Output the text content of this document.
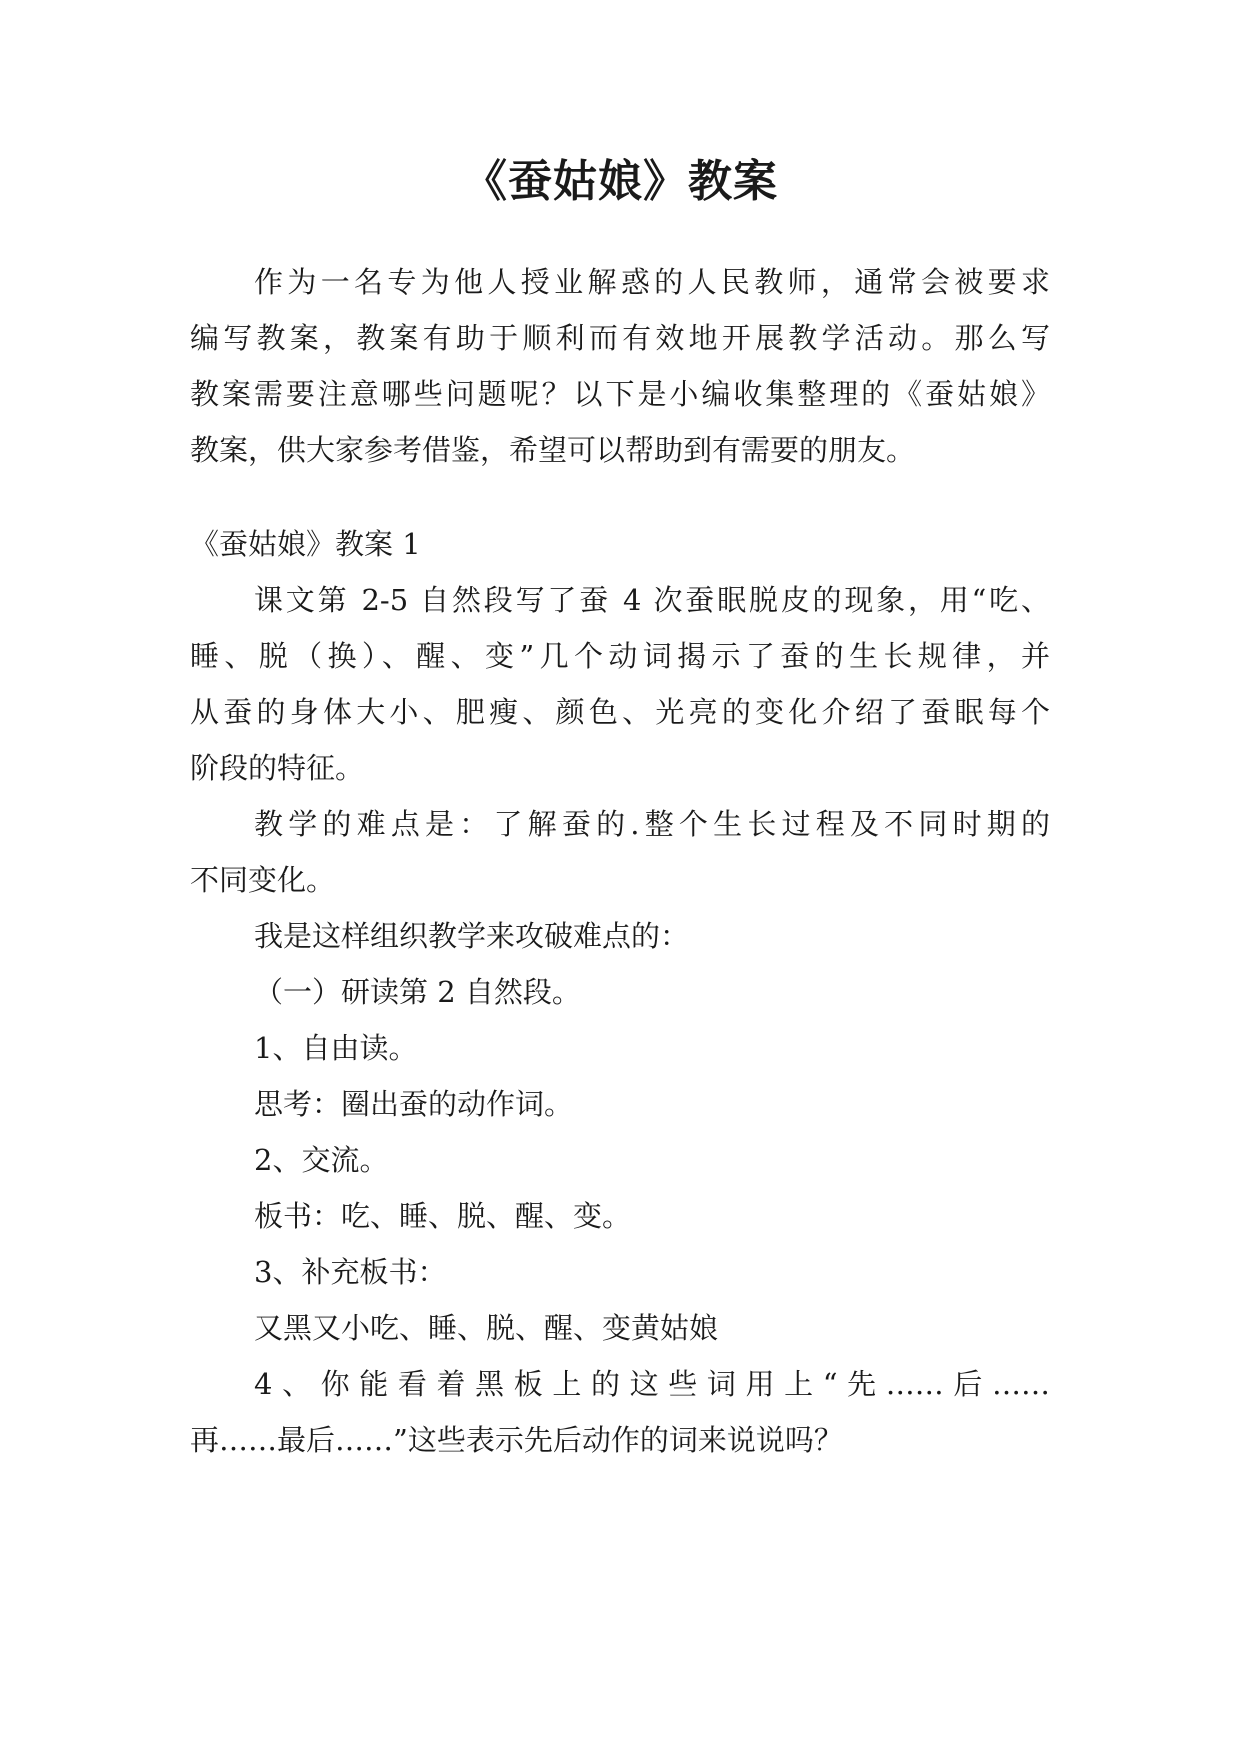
《蚕姑娘》教案
作为一名专为他人授业解惑的人民教师，通常会被要求
编写教案，教案有助于顺利而有效地开展教学活动。那么写
教案需要注意哪些问题呢？以下是小编收集整理的《蚕姑娘》
教案，供大家参考借鉴，希望可以帮助到有需要的朋友。
《蚕姑娘》教案 1
课文第 2-5 自然段写了蚕 4 次蚕眠脱皮的现象，用“吃、
睡、脱（换）、醒、变”几个动词揭示了蚕的生长规律，并
从蚕的身体大小、肥瘦、颜色、光亮的变化介绍了蚕眠每个
阶段的特征。
教学的难点是：了解蚕的.整个生长过程及不同时期的
不同变化。
我是这样组织教学来攻破难点的：
（一）研读第 2 自然段。
1、自由读。
思考：圈出蚕的动作词。
2、交流。
板书：吃、睡、脱、醒、变。
3、补充板书：
又黑又小吃、睡、脱、醒、变黄姑娘
4、你能看着黑板上的这些词用上“先……后……
再……最后……”这些表示先后动作的词来说说吗？
